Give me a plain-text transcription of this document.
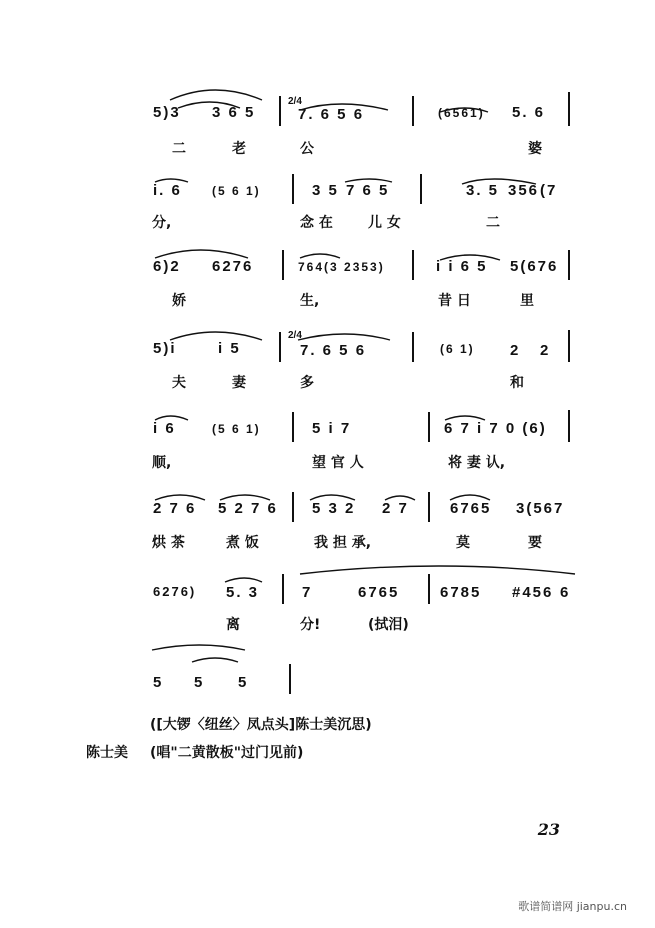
5)3 3 6 5
2/4
7. 6 5 6	(6561) 5. 6
二	老	公	婆
i. 6	(5 6 1)	3 5 7 6 5	3. 5 356 (7
分,	念 在	儿 女	二
6)2 6276	764(3 2353)	i i 6 5 5(676
娇	生,	昔 日	里
5)i	i 5
2/4
7. 6 5 6	(6 1) 2 2
夫	妻	多	和
i 6	(5 6 1)	5 i 7	6 7 i 7 0 (6)
顺,	望 官 人	将 妻 认,
2 7 6 5 2 7 6 5 3 2 2 7	6765 3(567
烘 茶	煮 饭	我 担 承,	莫	要
6276) 5. 3	7	6765	6785 #456 6
离	分!	(拭泪)
5 5 5
([大锣〈纽丝〉凤点头]陈士美沉思)
陈士美 (唱"二黄散板"过门见前)
23
歌谱简谱网 jianpu.cn
